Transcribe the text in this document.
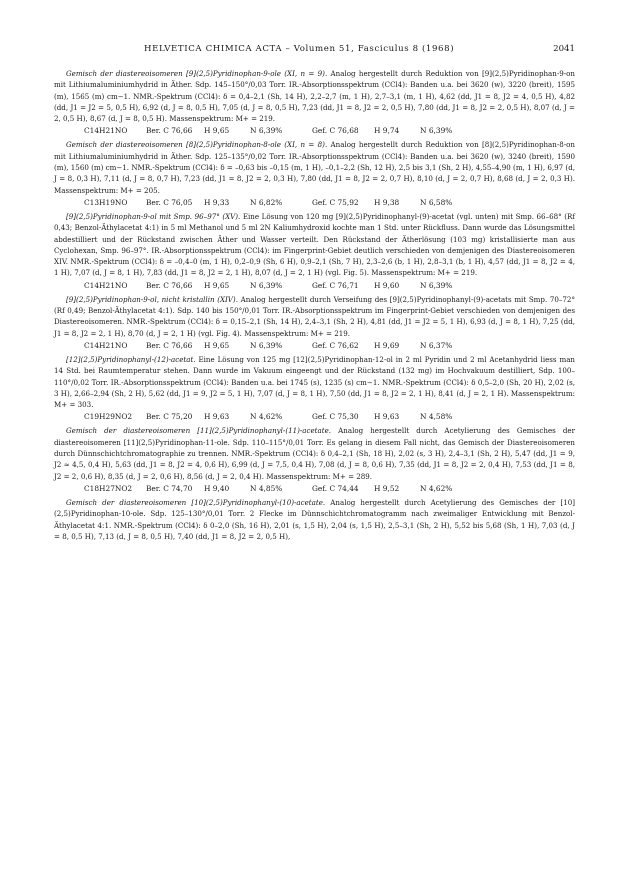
HELVETICA CHIMICA ACTA – Volumen 51, Fasciculus 8 (1968)	2041

Gemisch der diastereoisomeren [9](2,5)Pyridinophan-9-ole (XI, n = 9). Analog hergestellt durch Reduktion von [9](2,5)Pyridinophan-9-on mit Lithiumaluminiumhydrid in Äther. Sdp. 145–150°/0,03 Torr. IR.-Absorptionsspektrum (CCl4): Banden u.a. bei 3620 (w), 3220 (breit), 1595 (m), 1565 (m) cm−1. NMR.-Spektrum (CCl4): δ = 0,4–2,1 (Sh, 14 H), 2,2–2,7 (m, 1 H), 2,7–3,1 (m, 1 H), 4,62 (dd, J1 = 8, J2 = 4, 0,5 H), 4,82 (dd, J1 = J2 = 5, 0,5 H), 6,92 (d, J = 8, 0,5 H), 7,05 (d, J = 8, 0,5 H), 7,23 (dd, J1 = 8, J2 = 2, 0,5 H), 7,80 (dd, J1 = 8, J2 = 2, 0,5 H), 8,07 (d, J = 2, 0,5 H), 8,67 (d, J = 8, 0,5 H). Massenspektrum: M+ = 219.

C14H21NO	Ber. C 76,66 H 9,65	N 6,39%	Gef. C 76,68 H 9,74	N 6,39%

Gemisch der diastereoisomeren [8](2,5)Pyridinophan-8-ole (XI, n = 8). Analog hergestellt durch Reduktion von [8](2,5)Pyridinophan-8-on mit Lithiumaluminiumhydrid in Äther. Sdp. 125–135°/0,02 Torr. IR.-Absorptionsspektrum (CCl4): Banden u.a. bei 3620 (w), 3240 (breit), 1590 (m), 1560 (m) cm−1. NMR.-Spektrum (CCl4): δ = –0,63 bis –0,15 (m, 1 H), –0,1–2,2 (Sh, 12 H), 2,5 bis 3,1 (Sh, 2 H), 4,55–4,90 (m, 1 H), 6,97 (d, J = 8, 0,3 H), 7,11 (d, J = 8, 0,7 H), 7,23 (dd, J1 = 8, J2 = 2, 0,3 H), 7,80 (dd, J1 = 8, J2 = 2, 0,7 H), 8,10 (d, J = 2, 0,7 H), 8,68 (d, J = 2, 0,3 H). Massenspektrum: M+ = 205.

C13H19NO	Ber. C 76,05 H 9,33	N 6,82%	Gef. C 75,92 H 9,38	N 6,58%

[9](2,5)Pyridinophan-9-ol mit Smp. 96–97° (XV). Eine Lösung von 120 mg [9](2,5)Pyridinophanyl-(9)-acetat (vgl. unten) mit Smp. 66–68° (Rf 0,43; Benzol-Äthylacetat 4:1) in 5 ml Methanol und 5 ml 2N Kaliumhydroxid kochte man 1 Std. unter Rückfluss. Dann wurde das Lösungsmittel abdestilliert und der Rückstand zwischen Äther und Wasser verteilt. Den Rückstand der Ätherlösung (103 mg) kristallisierte man aus Cyclohexan, Smp. 96–97°. IR.-Absorptionsspektrum (CCl4): im Fingerprint-Gebiet deutlich verschieden von demjenigen des Diastereoisomeren XIV. NMR.-Spektrum (CCl4): δ = –0,4–0 (m, 1 H), 0,2–0,9 (Sh, 6 H), 0,9–2,1 (Sh, 7 H), 2,3–2,6 (b, 1 H), 2,8–3,1 (b, 1 H), 4,57 (dd, J1 = 8, J2 = 4, 1 H), 7,07 (d, J = 8, 1 H), 7,83 (dd, J1 = 8, J2 = 2, 1 H), 8,07 (d, J = 2, 1 H) (vgl. Fig. 5). Massenspektrum: M+ = 219.

C14H21NO	Ber. C 76,66 H 9,65	N 6,39%	Gef. C 76,71 H 9,60	N 6,39%

[9](2,5)Pyridinophan-9-ol, nicht kristallin (XIV). Analog hergestellt durch Verseifung des [9](2,5)Pyridinophanyl-(9)-acetats mit Smp. 70–72° (Rf 0,49; Benzol-Äthylacetat 4:1). Sdp. 140 bis 150°/0,01 Torr. IR.-Absorptionsspektrum im Fingerprint-Gebiet verschieden von demjenigen des Diastereoisomeren. NMR.-Spektrum (CCl4): δ = 0,15–2,1 (Sh, 14 H), 2,4–3,1 (Sh, 2 H), 4,81 (dd, J1 = J2 = 5, 1 H), 6,93 (d, J = 8, 1 H), 7,25 (dd, J1 = 8, J2 = 2, 1 H), 8,70 (d, J = 2, 1 H) (vgl. Fig. 4). Massenspektrum: M+ = 219.

C14H21NO	Ber. C 76,66 H 9,65	N 6,39%	Gef. C 76,62 H 9,69	N 6,37%

[12](2,5)Pyridinophanyl-(12)-acetat. Eine Lösung von 125 mg [12](2,5)Pyridinophan-12-ol in 2 ml Pyridin und 2 ml Acetanhydrid liess man 14 Std. bei Raumtemperatur stehen. Dann wurde im Vakuum eingeengt und der Rückstand (132 mg) im Hochvakuum destilliert, Sdp. 100–110°/0,02 Torr. IR.-Absorptionsspektrum (CCl4): Banden u.a. bei 1745 (s), 1235 (s) cm−1. NMR.-Spektrum (CCl4): δ 0,5–2,0 (Sh, 20 H), 2,02 (s, 3 H), 2,66–2,94 (Sh, 2 H), 5,62 (dd, J1 = 9, J2 = 5, 1 H), 7,07 (d, J = 8, 1 H), 7,50 (dd, J1 = 8, J2 = 2, 1 H), 8,41 (d, J = 2, 1 H). Massenspektrum: M+ = 303.

C19H29NO2 Ber. C 75,20 H 9,63	N 4,62%	Gef. C 75,30 H 9,63	N 4,58%

Gemisch der diastereoisomeren [11](2,5)Pyridinophanyl-(11)-acetate. Analog hergestellt durch Acetylierung des Gemisches der diastereoisomeren [11](2,5)Pyridinophan-11-ole. Sdp. 110–115°/0,01 Torr. Es gelang in diesem Fall nicht, das Gemisch der Diastereoisomeren durch Dünnschichtchromatographie zu trennen. NMR.-Spektrum (CCl4): δ 0,4–2,1 (Sh, 18 H), 2,02 (s, 3 H), 2,4–3,1 (Sh, 2 H), 5,47 (dd, J1 = 9, J2 ≈ 4,5, 0,4 H), 5,63 (dd, J1 = 8, J2 = 4, 0,6 H), 6,99 (d, J = 7,5, 0,4 H), 7,08 (d, J = 8, 0,6 H), 7,35 (dd, J1 = 8, J2 = 2, 0,4 H), 7,53 (dd, J1 = 8, J2 = 2, 0,6 H), 8,35 (d, J = 2, 0,6 H), 8,56 (d, J = 2, 0,4 H). Massenspektrum: M+ = 289.

C18H27NO2 Ber. C 74,70 H 9,40	N 4,85%	Gef. C 74,44 H 9,52	N 4,62%

Gemisch der diastereoisomeren [10](2,5)Pyridinophanyl-(10)-acetate. Analog hergestellt durch Acetylierung des Gemisches der [10](2,5)Pyridinophan-10-ole. Sdp. 125–130°/0,01 Torr. 2 Flecke im Dünnschichtchromatogramm nach zweimaliger Entwicklung mit Benzol-Äthylacetat 4:1. NMR.-Spektrum (CCl4): δ 0–2,0 (Sh, 16 H), 2,01 (s, 1,5 H), 2,04 (s, 1,5 H), 2,5–3,1 (Sh, 2 H), 5,52 bis 5,68 (Sh, 1 H), 7,03 (d, J = 8, 0,5 H), 7,13 (d, J = 8, 0,5 H), 7,40 (dd, J1 = 8, J2 = 2, 0,5 H),
